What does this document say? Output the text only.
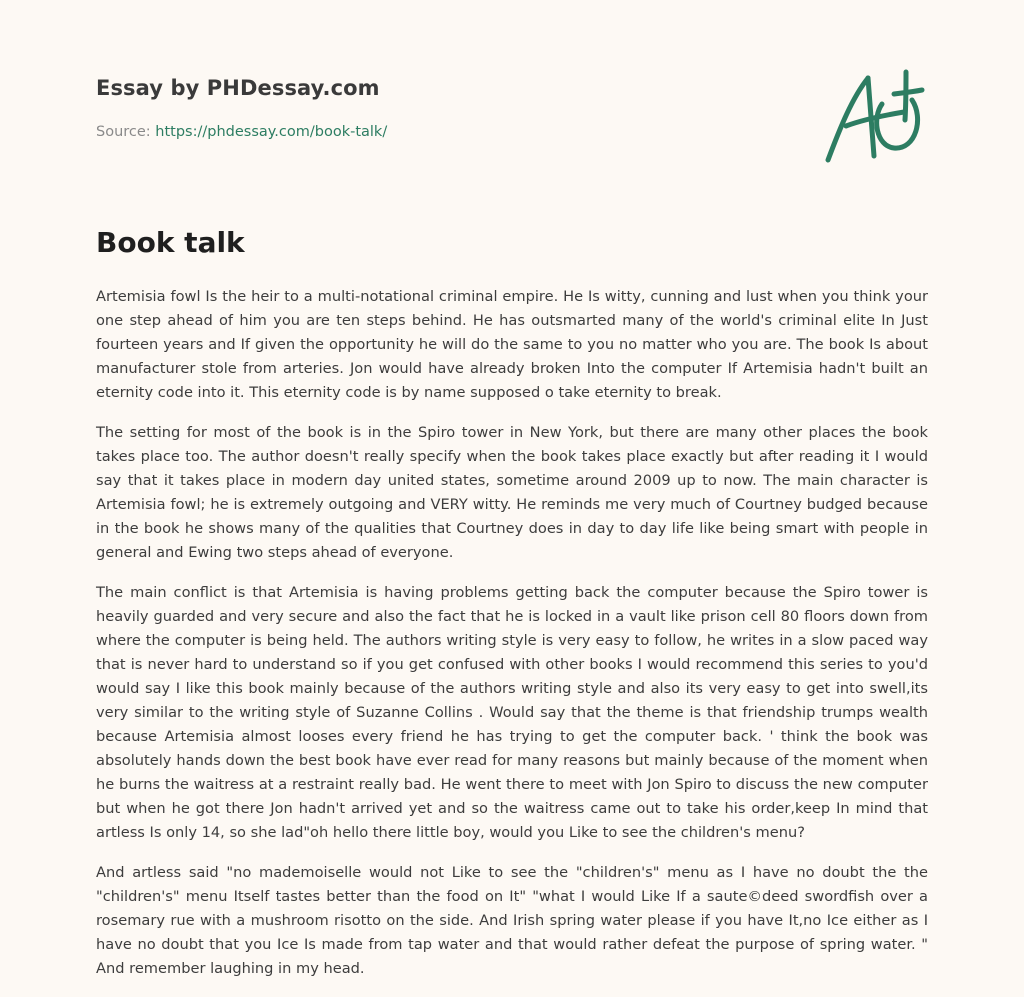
Essay by PHDessay.com
Source: https://phdessay.com/book-talk/
Book talk

Artemisia fowl Is the heir to a multi-notational criminal empire. He Is witty, cunning and lust when you think your one step ahead of him you are ten steps behind. He has outsmarted many of the world's criminal elite In Just fourteen years and If given the opportunity he will do the same to you no matter who you are. The book Is about manufacturer stole from arteries. Jon would have already broken Into the computer If Artemisia hadn't built an eternity code into it. This eternity code is by name supposed o take eternity to break.

The setting for most of the book is in the Spiro tower in New York, but there are many other places the book takes place too. The author doesn't really specify when the book takes place exactly but after reading it I would say that it takes place in modern day united states, sometime around 2009 up to now. The main character is Artemisia fowl; he is extremely outgoing and VERY witty. He reminds me very much of Courtney budged because in the book he shows many of the qualities that Courtney does in day to day life like being smart with people in general and Ewing two steps ahead of everyone.

The main conflict is that Artemisia is having problems getting back the computer because the Spiro tower is heavily guarded and very secure and also the fact that he is locked in a vault like prison cell 80 floors down from where the computer is being held. The authors writing style is very easy to follow, he writes in a slow paced way that is never hard to understand so if you get confused with other books I would recommend this series to you'd would say I like this book mainly because of the authors writing style and also its very easy to get into swell,its very similar to the writing style of Suzanne Collins . Would say that the theme is that friendship trumps wealth because Artemisia almost looses every friend he has trying to get the computer back. ' think the book was absolutely hands down the best book have ever read for many reasons but mainly because of the moment when he burns the waitress at a restraint really bad. He went there to meet with Jon Spiro to discuss the new computer but when he got there Jon hadn't arrived yet and so the waitress came out to take his order,keep In mind that artless Is only 14, so she lad"oh hello there little boy, would you Like to see the children's menu?

And artless said "no mademoiselle would not Like to see the "children's" menu as I have no doubt the the "children's" menu Itself tastes better than the food on It" "what I would Like If a saute©deed swordfish over a rosemary rue with a mushroom risotto on the side. And Irish spring water please if you have It,no Ice either as I have no doubt that you Ice Is made from tap water and that would rather defeat the purpose of spring water. " And remember laughing in my head.
